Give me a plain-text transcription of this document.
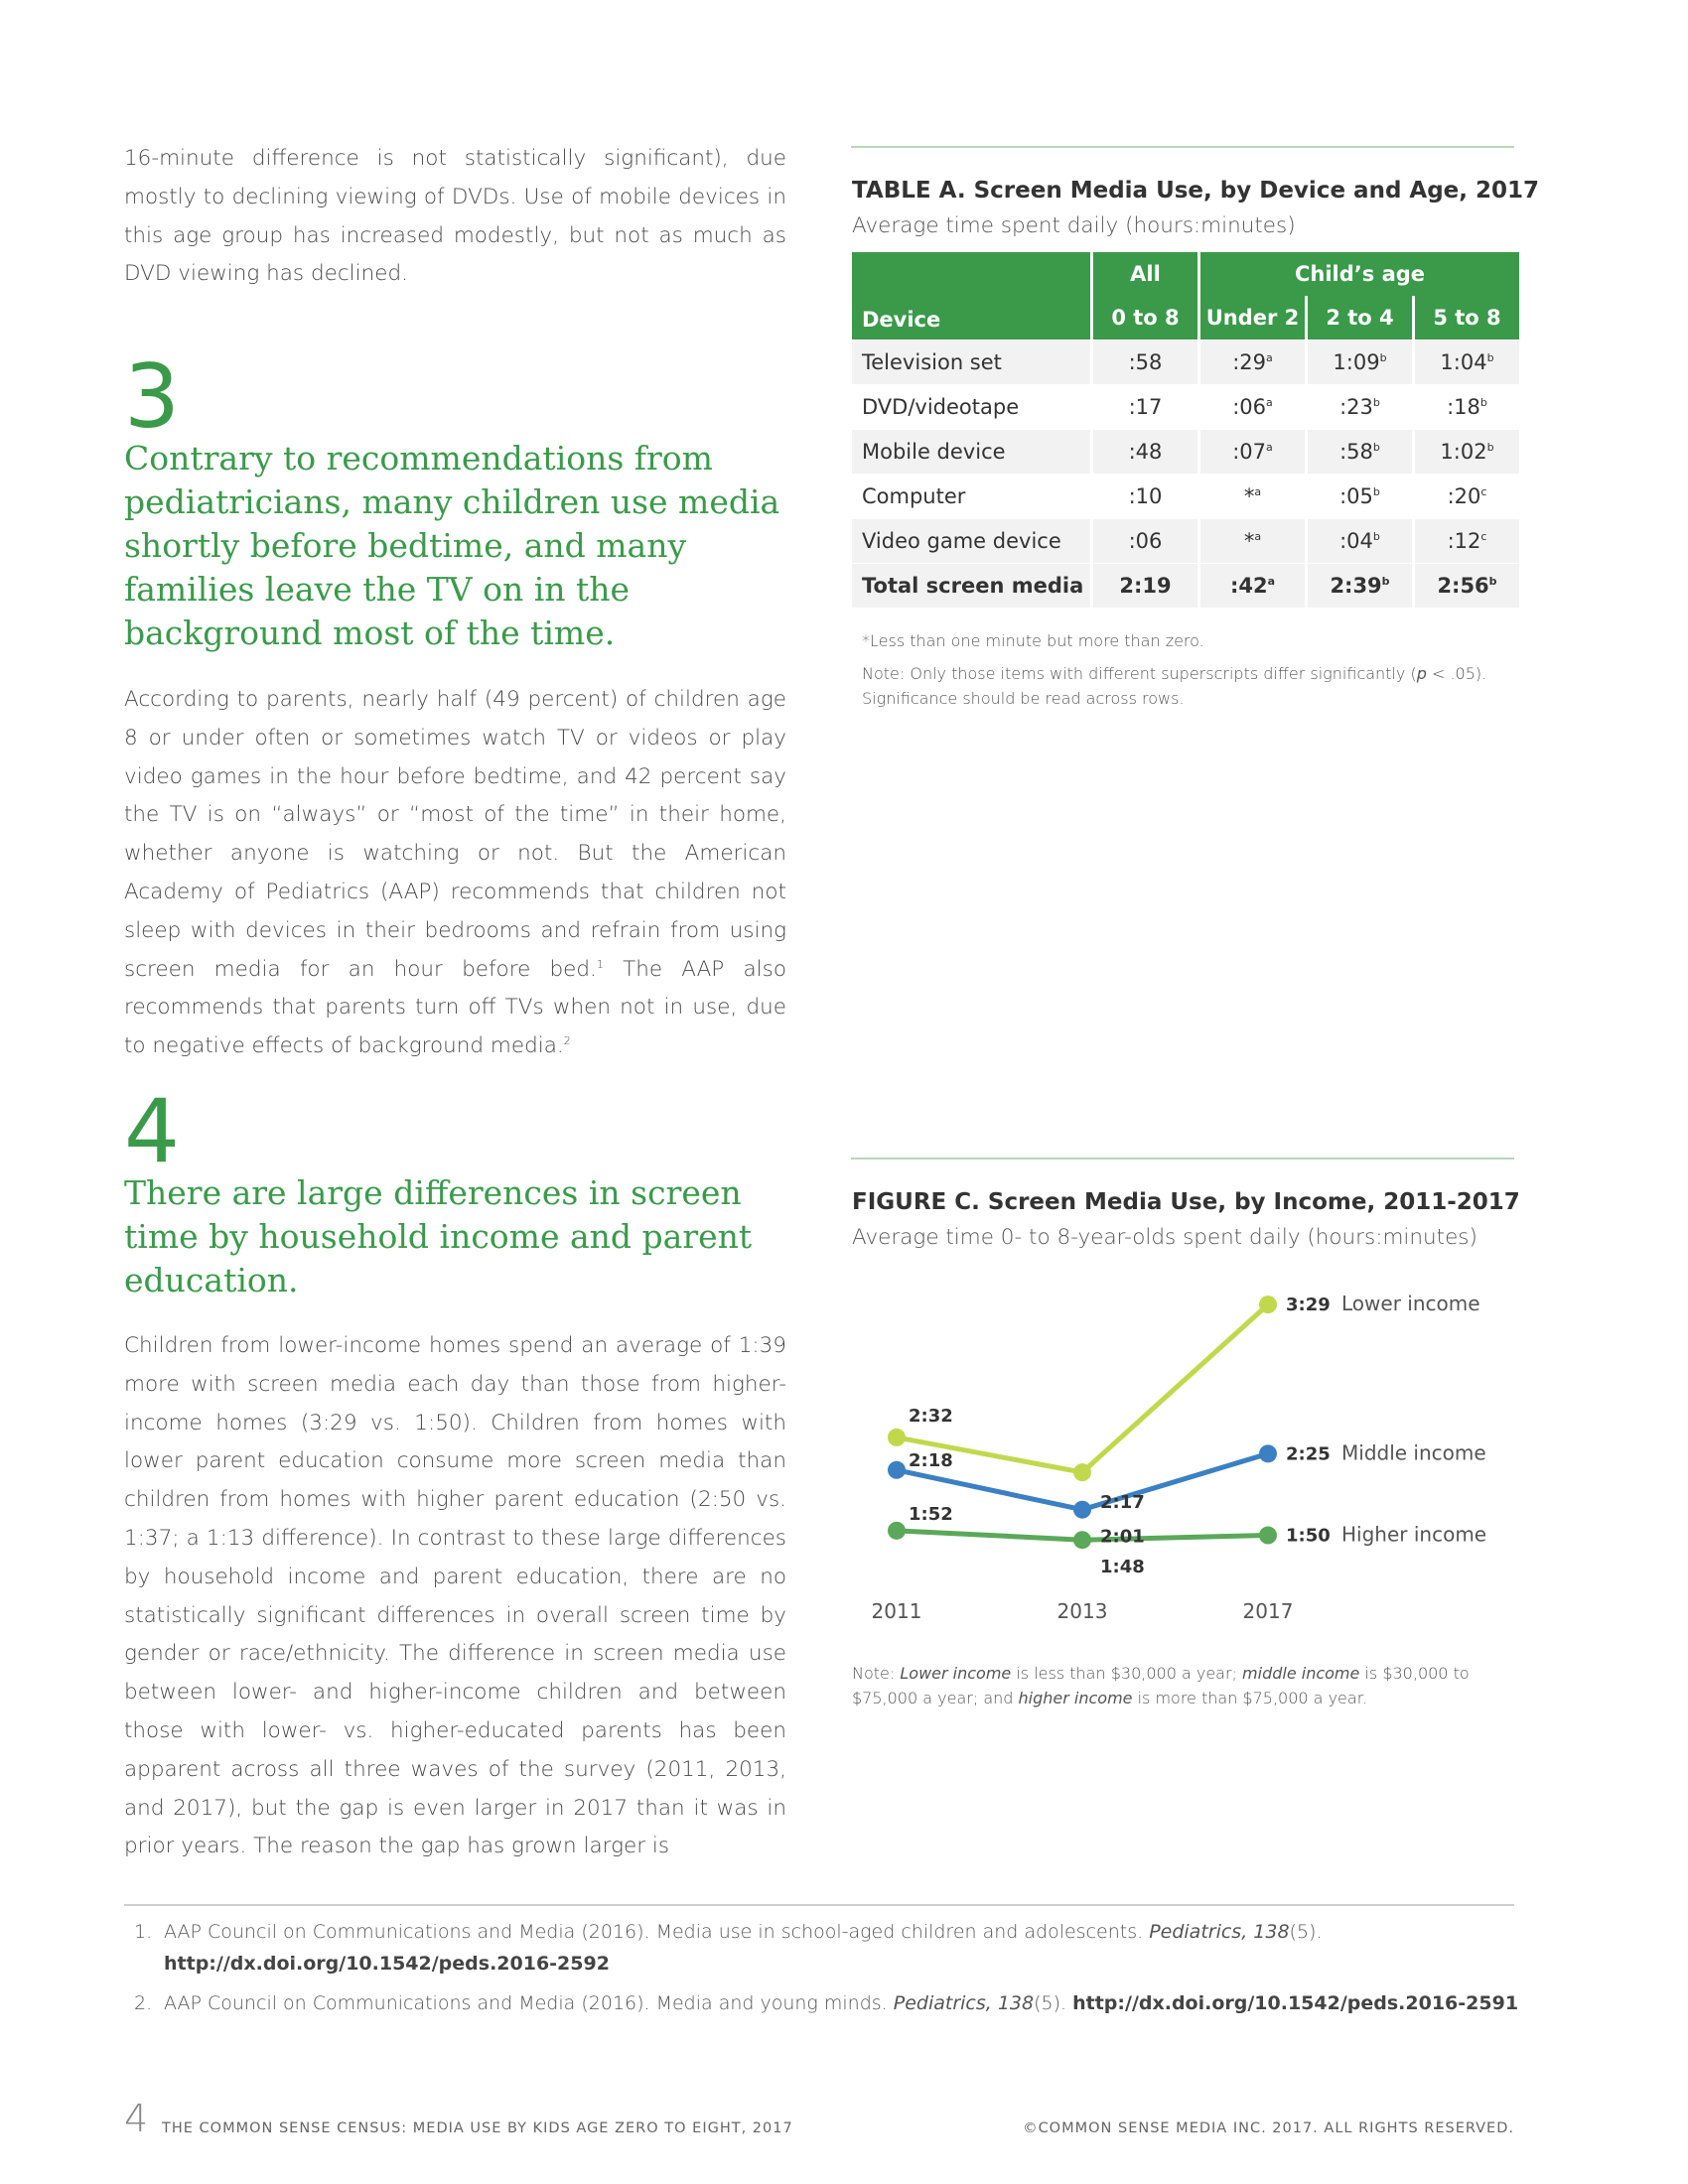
16-minute difference is not statistically significant), due mostly to declining viewing of DVDs. Use of mobile devices in this age group has increased modestly, but not as much as DVD viewing has declined.
3
Contrary to recommendations from pediatricians, many children use media shortly before bedtime, and many families leave the TV on in the background most of the time.
According to parents, nearly half (49 percent) of children age 8 or under often or sometimes watch TV or videos or play video games in the hour before bedtime, and 42 percent say the TV is on “always” or “most of the time” in their home, whether anyone is watching or not. But the American Academy of Pediatrics (AAP) recommends that children not sleep with devices in their bedrooms and refrain from using screen media for an hour before bed.$^1$ The AAP also recommends that parents turn off TVs when not in use, due to negative effects of background media.$^2$
4
There are large differences in screen time by household income and parent education.
Children from lower-income homes spend an average of 1:39 more with screen media each day than those from higher-income homes (3:29 vs. 1:50). Children from homes with lower parent education consume more screen media than children from homes with higher parent education (2:50 vs. 1:37; a 1:13 difference). In contrast to these large differences by household income and parent education, there are no statistically significant differences in overall screen time by gender or race/ethnicity. The difference in screen media use between lower- and higher-income children and between those with lower- vs. higher-educated parents has been apparent across all three waves of the survey (2011, 2013, and 2017), but the gap is even larger in 2017 than it was in prior years. The reason the gap has grown larger is
TABLE A. Screen Media Use, by Device and Age, 2017
Average time spent daily (hours:minutes)
Device	All	Child’s age		
	0 to 8	Under 2	2 to 4	5 to 8
Television set	:58	:29$^a$	1:09$^b$	1:04$^b$
DVD/videotape	:17	:06$^a$	:23$^b$	:18$^b$
Mobile device	:48	:07$^a$	:58$^b$	1:02$^b$
Computer	:10	*$^a$	:05$^b$	:20$^c$
Video game device	:06	*$^a$	:04$^b$	:12$^c$
Total screen media	2:19	:42$^a$	2:39$^b$	2:56$^b$

*Less than one minute but more than zero.

Note: Only those items with different superscripts differ significantly (p < .05). Significance should be read across rows.

FIGURE C. Screen Media Use, by Income, 2011-2017
Average time 0- to 8-year-olds spent daily (hours:minutes)
2:32
2:17
3:29 Lower income
2:18
2:01
2:25 Middle income
1:52
1:48
1:50 Higher income
2011	2013	2017
Note: Lower income is less than $30,000 a year; middle income is $30,000 to $75,000 a year; and higher income is more than $75,000 a year.
1. AAP Council on Communications and Media (2016). Media use in school-aged children and adolescents. Pediatrics, 138(5).
http://dx.doi.org/10.1542/peds.2016-2592
2. AAP Council on Communications and Media (2016). Media and young minds. Pediatrics, 138(5). http://dx.doi.org/10.1542/peds.2016-2591
4 THE COMMON SENSE CENSUS: MEDIA USE BY KIDS AGE ZERO TO EIGHT, 2017	©COMMON SENSE MEDIA INC. 2017. ALL RIGHTS RESERVED.
